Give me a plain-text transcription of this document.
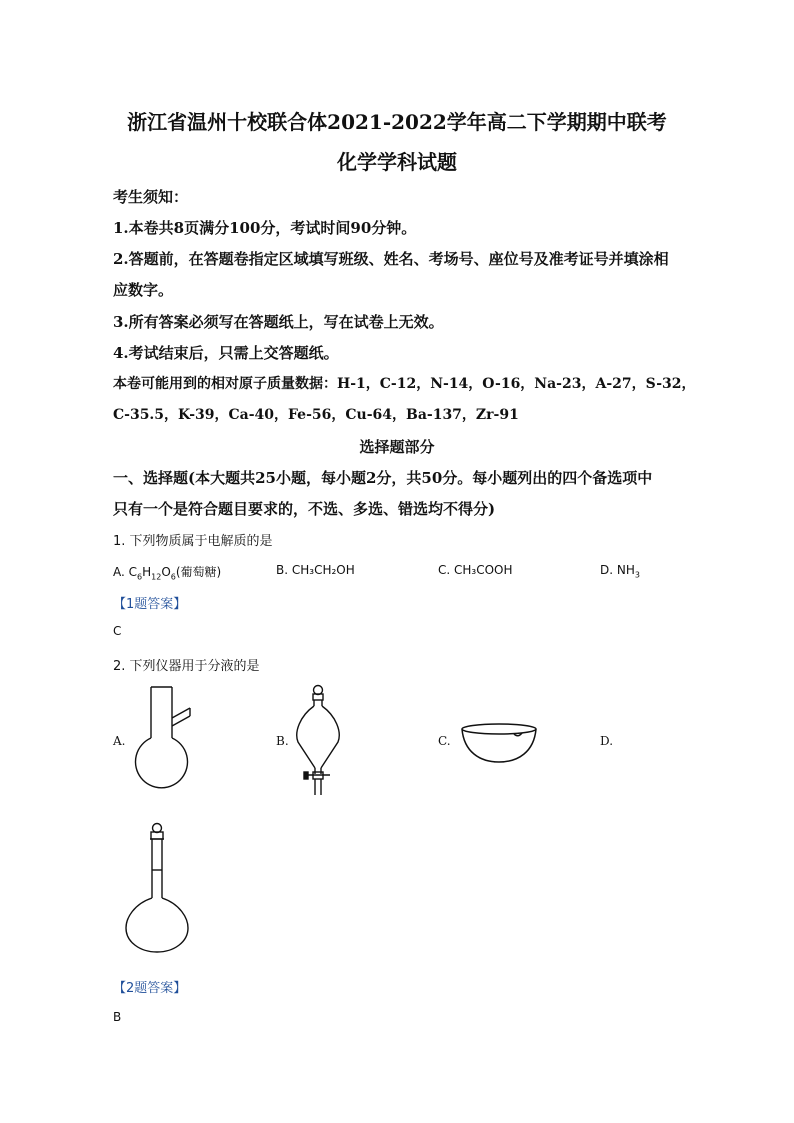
浙江省温州十校联合体2021-2022学年高二下学期期中联考
化学学科试题
考生须知：
1.本卷共8页满分100分，考试时间90分钟。
2.答题前，在答题卷指定区域填写班级、姓名、考场号、座位号及准考证号并填涂相
应数字。
3.所有答案必须写在答题纸上，写在试卷上无效。
4.考试结束后，只需上交答题纸。
本卷可能用到的相对原子质量数据：H-1，C-12，N-14，O-16，Na-23，A-27，S-32，
C-35.5，K-39，Ca-40，Fe-56，Cu-64，Ba-137，Zr-91
选择题部分
一、选择题(本大题共25小题，每小题2分，共50分。每小题列出的四个备选项中
只有一个是符合题目要求的，不选、多选、错选均不得分)
1. 下列物质属于电解质的是
A. $C_6H_{12}O_6$(葡萄糖)	B. CH₃CH₂OH	C. CH₃COOH	D. $NH_3$
【1题答案】
C
2. 下列仪器用于分液的是
A.	B.	C.	D.
【2题答案】
B
